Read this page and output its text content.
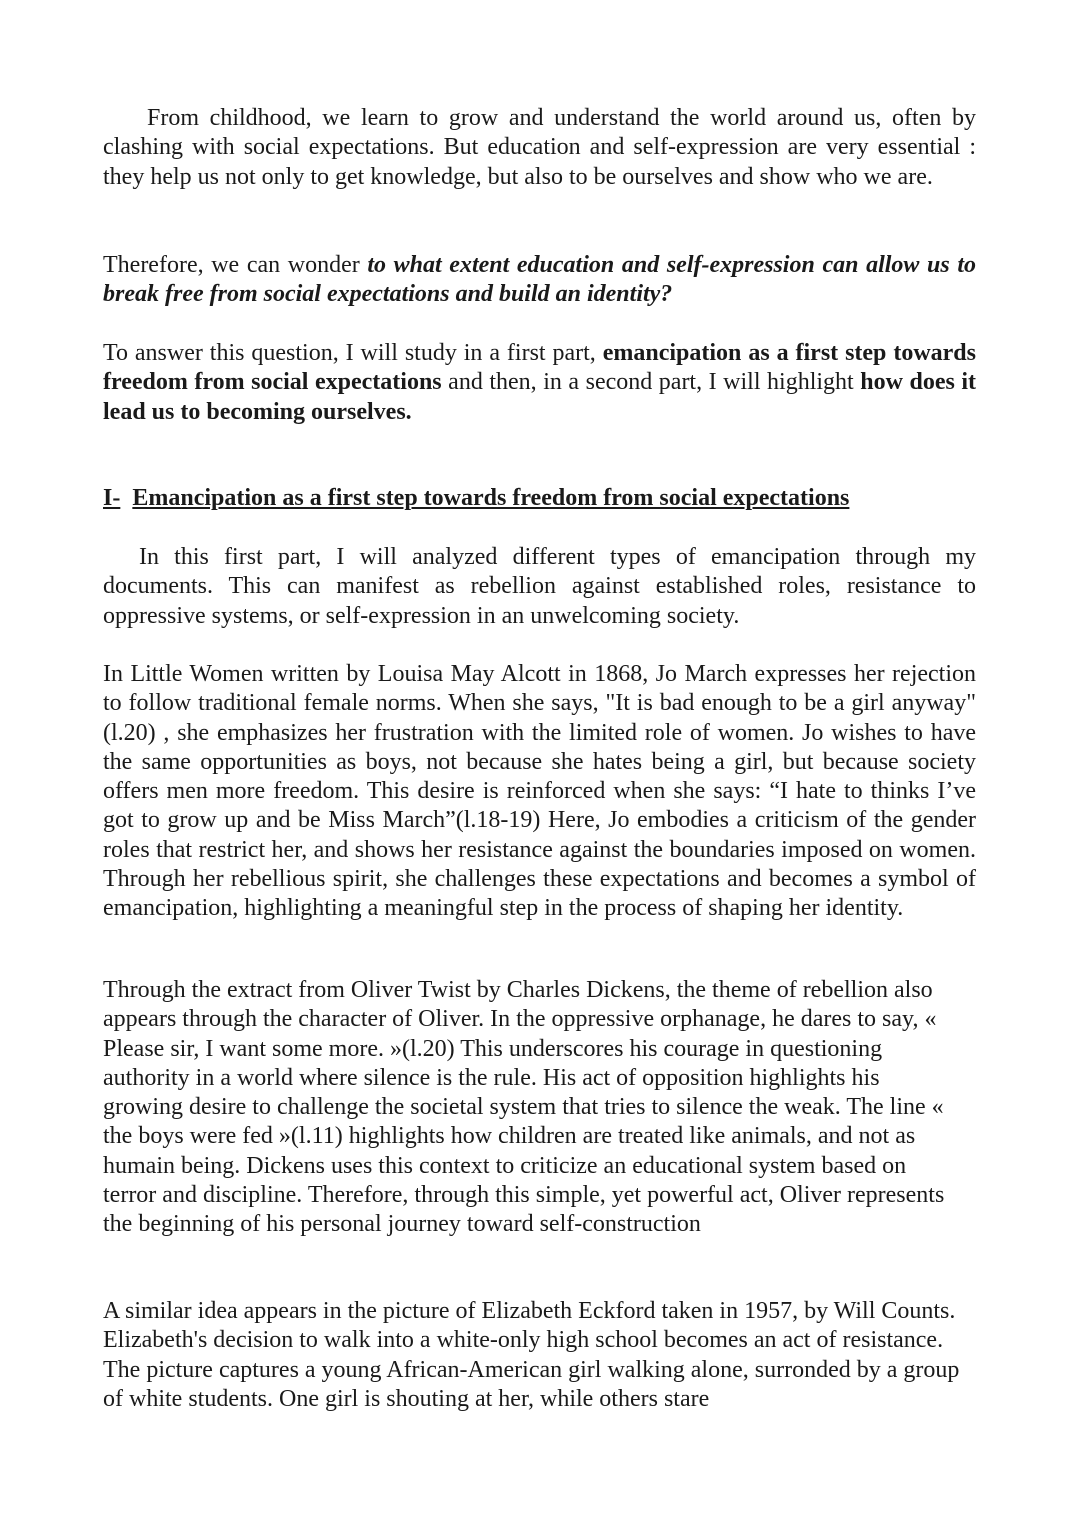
From childhood, we learn to grow and understand the world around us, often by clashing with social expectations. But education and self-expression are very essential : they help us not only to get knowledge, but also to be ourselves and show who we are.

Therefore, we can wonder to what extent education and self-expression can allow us to break free from social expectations and build an identity?

To answer this question, I will study in a first part, emancipation as a first step towards freedom from social expectations and then, in a second part, I will highlight how does it lead us to becoming ourselves.

I- Emancipation as a first step towards freedom from social expectations

In this first part, I will analyzed different types of emancipation through my documents. This can manifest as rebellion against established roles, resistance to oppressive systems, or self-expression in an unwelcoming society.

In Little Women written by Louisa May Alcott in 1868, Jo March expresses her rejection to follow traditional female norms. When she says, "It is bad enough to be a girl anyway" (l.20) , she emphasizes her frustration with the limited role of women. Jo wishes to have the same opportunities as boys, not because she hates being a girl, but because society offers men more freedom. This desire is reinforced when she says: “I hate to thinks I’ve got to grow up and be Miss March”(l.18-19) Here, Jo embodies a criticism of the gender roles that restrict her, and shows her resistance against the boundaries imposed on women. Through her rebellious spirit, she challenges these expectations and becomes a symbol of emancipation, highlighting a meaningful step in the process of shaping her identity.

Through the extract from Oliver Twist by Charles Dickens, the theme of rebellion also appears through the character of Oliver. In the oppressive orphanage, he dares to say, « Please sir, I want some more. »(l.20) This underscores his courage in questioning authority in a world where silence is the rule. His act of opposition highlights his growing desire to challenge the societal system that tries to silence the weak. The line « the boys were fed »(l.11) highlights how children are treated like animals, and not as humain being. Dickens uses this context to criticize an educational system based on terror and discipline. Therefore, through this simple, yet powerful act, Oliver represents the beginning of his personal journey toward self-construction

A similar idea appears in the picture of Elizabeth Eckford taken in 1957, by Will Counts. Elizabeth's decision to walk into a white-only high school becomes an act of resistance. The picture captures a young African-American girl walking alone, surronded by a group of white students. One girl is shouting at her, while others stare
